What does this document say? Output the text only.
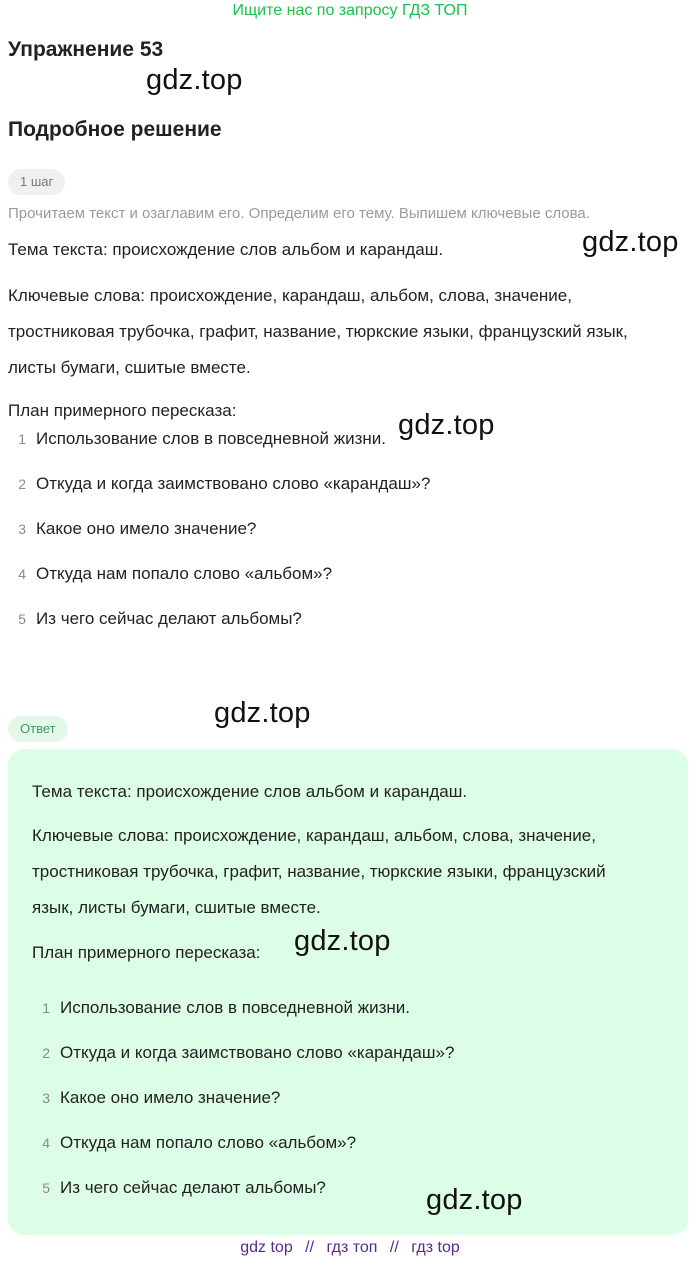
Ищите нас по запросу ГДЗ ТОП
Упражнение 53
gdz.top
Подробное решение
1 шаг
Прочитаем текст и озаглавим его. Определим его тему. Выпишем ключевые слова.
gdz.top
Тема текста: происхождение слов альбом и карандаш.
Ключевые слова: происхождение, карандаш, альбом, слова, значение,
тростниковая трубочка, графит, название, тюркские языки, французский язык,
листы бумаги, сшитые вместе.
План примерного пересказа:	gdz.top
1 Использование слов в повседневной жизни.
2 Откуда и когда заимствовано слово «карандаш»?
3 Какое оно имело значение?
4 Откуда нам попало слово «альбом»?
5 Из чего сейчас делают альбомы?
gdz.top
Ответ
Тема текста: происхождение слов альбом и карандаш.
Ключевые слова: происхождение, карандаш, альбом, слова, значение,
тростниковая трубочка, графит, название, тюркские языки, французский
язык, листы бумаги, сшитые вместе.
План примерного пересказа: gdz.top
1 Использование слов в повседневной жизни.
2 Откуда и когда заимствовано слово «карандаш»?
3 Какое оно имело значение?
4 Откуда нам попало слово «альбом»?
5 Из чего сейчас делают альбомы?	gdz.top
gdz top // гдз топ // гдз top
